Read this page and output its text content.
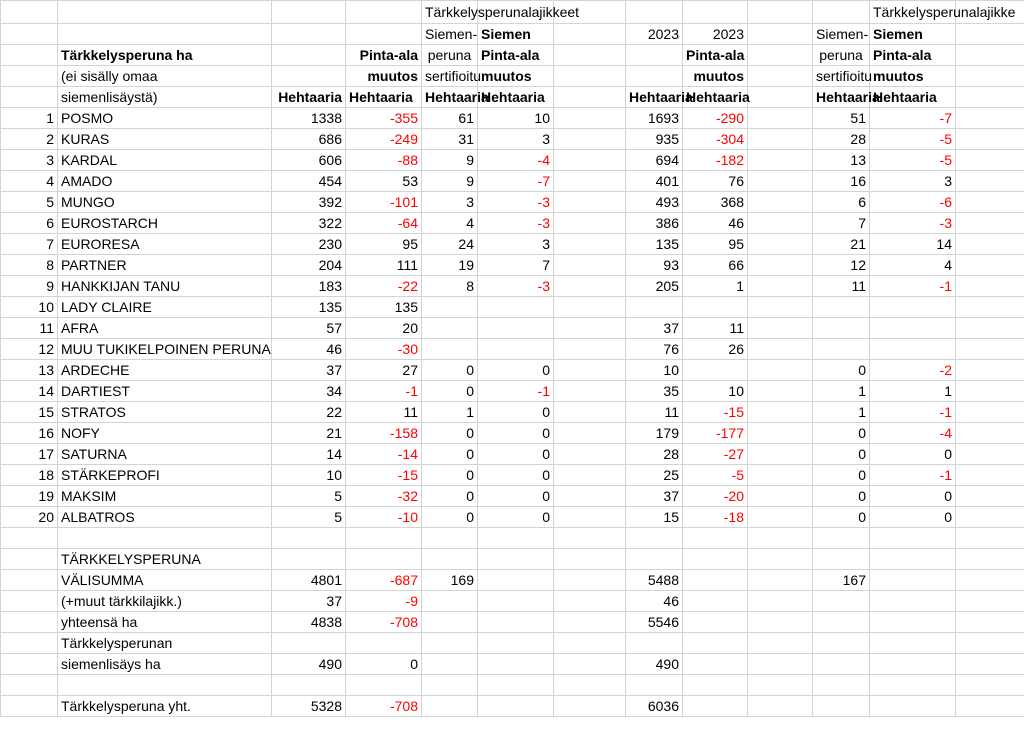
				Tärkkelysperunalajikkeet							Tärkkelysperunalajikke	
				Siemen-	Siemen		2023	2023		Siemen-	Siemen	
	Tärkkelysperuna ha		Pinta-ala	peruna	Pinta-ala			Pinta-ala		peruna	Pinta-ala	
	(ei sisälly omaa		muutos	sertifioitu	muutos			muutos		sertifioitu	muutos	
	siemenlisäystä)	Hehtaaria	Hehtaaria	Hehtaaria	Hehtaaria		Hehtaaria	Hehtaaria		Hehtaaria	Hehtaaria	
1	POSMO	1338	-355	61	10		1693	-290		51	-7	
2	KURAS	686	-249	31	3		935	-304		28	-5	
3	KARDAL	606	-88	9	-4		694	-182		13	-5	
4	AMADO	454	53	9	-7		401	76		16	3	
5	MUNGO	392	-101	3	-3		493	368		6	-6	
6	EUROSTARCH	322	-64	4	-3		386	46		7	-3	
7	EURORESA	230	95	24	3		135	95		21	14	
8	PARTNER	204	111	19	7		93	66		12	4	
9	HANKKIJAN TANU	183	-22	8	-3		205	1		11	-1	
10	LADY CLAIRE	135	135									
11	AFRA	57	20				37	11				
12	MUU TUKIKELPOINEN PERUNA	46	-30				76	26				
13	ARDECHE	37	27	0	0		10			0	-2	
14	DARTIEST	34	-1	0	-1		35	10		1	1	
15	STRATOS	22	11	1	0		11	-15		1	-1	
16	NOFY	21	-158	0	0		179	-177		0	-4	
17	SATURNA	14	-14	0	0		28	-27		0	0	
18	STÄRKEPROFI	10	-15	0	0		25	-5		0	-1	
19	MAKSIM	5	-32	0	0		37	-20		0	0	
20	ALBATROS	5	-10	0	0		15	-18		0	0	

	TÄRKKELYSPERUNA											
	VÄLISUMMA	4801	-687	169			5488			167		
	(+muut tärkkilajikk.)	37	-9				46					
	yhteensä ha	4838	-708				5546					
	Tärkkelysperunan											
	siemenlisäys ha	490	0				490					

	Tärkkelysperuna yht.	5328	-708				6036					
